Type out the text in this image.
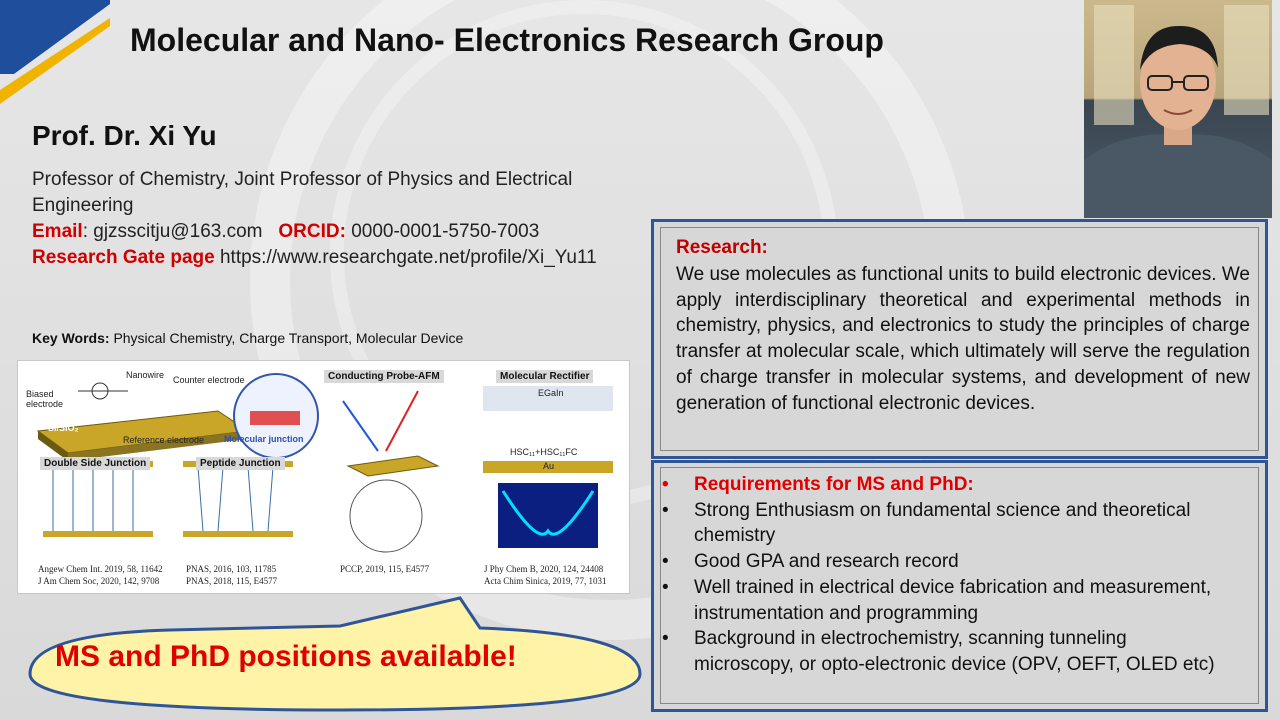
Molecular and Nano- Electronics Research Group
Prof. Dr. Xi Yu
Professor of Chemistry, Joint Professor of Physics and Electrical Engineering
Email: gjzsscitju@163.com ORCID: 0000-0001-5750-7003
Research Gate page https://www.researchgate.net/profile/Xi_Yu11
Key Words: Physical Chemistry, Charge Transport, Molecular Device
Nanowire Counter electrode
Biased electrode
Si/SiO₂
Reference electrode Molecular junction
Conducting Probe-AFM	Molecular Rectifier
EGaIn
HSC₁₁+HSC₁₁FC
Au
Double Side Junction	Peptide Junction
Angew Chem Int. 2019, 58, 11642
J Am Chem Soc, 2020, 142, 9708
PNAS, 2016, 103, 11785
PNAS, 2018, 115, E4577
PCCP, 2019, 115, E4577	J Phy Chem B, 2020, 124, 24408
Acta Chim Sinica, 2019, 77, 1031
MS and PhD positions available!
Research:
We use molecules as functional units to build electronic devices. We apply interdisciplinary theoretical and experimental methods in chemistry, physics, and electronics to study the principles of charge transfer at molecular scale, which ultimately will serve the regulation of charge transfer in molecular systems, and development of new generation of functional electronic devices.
• Requirements for MS and PhD:
• Strong Enthusiasm on fundamental science and theoretical chemistry
• Good GPA and research record
• Well trained in electrical device fabrication and measurement, instrumentation and programming
• Background in electrochemistry, scanning tunneling microscopy, or opto-electronic device (OPV, OEFT, OLED etc)
